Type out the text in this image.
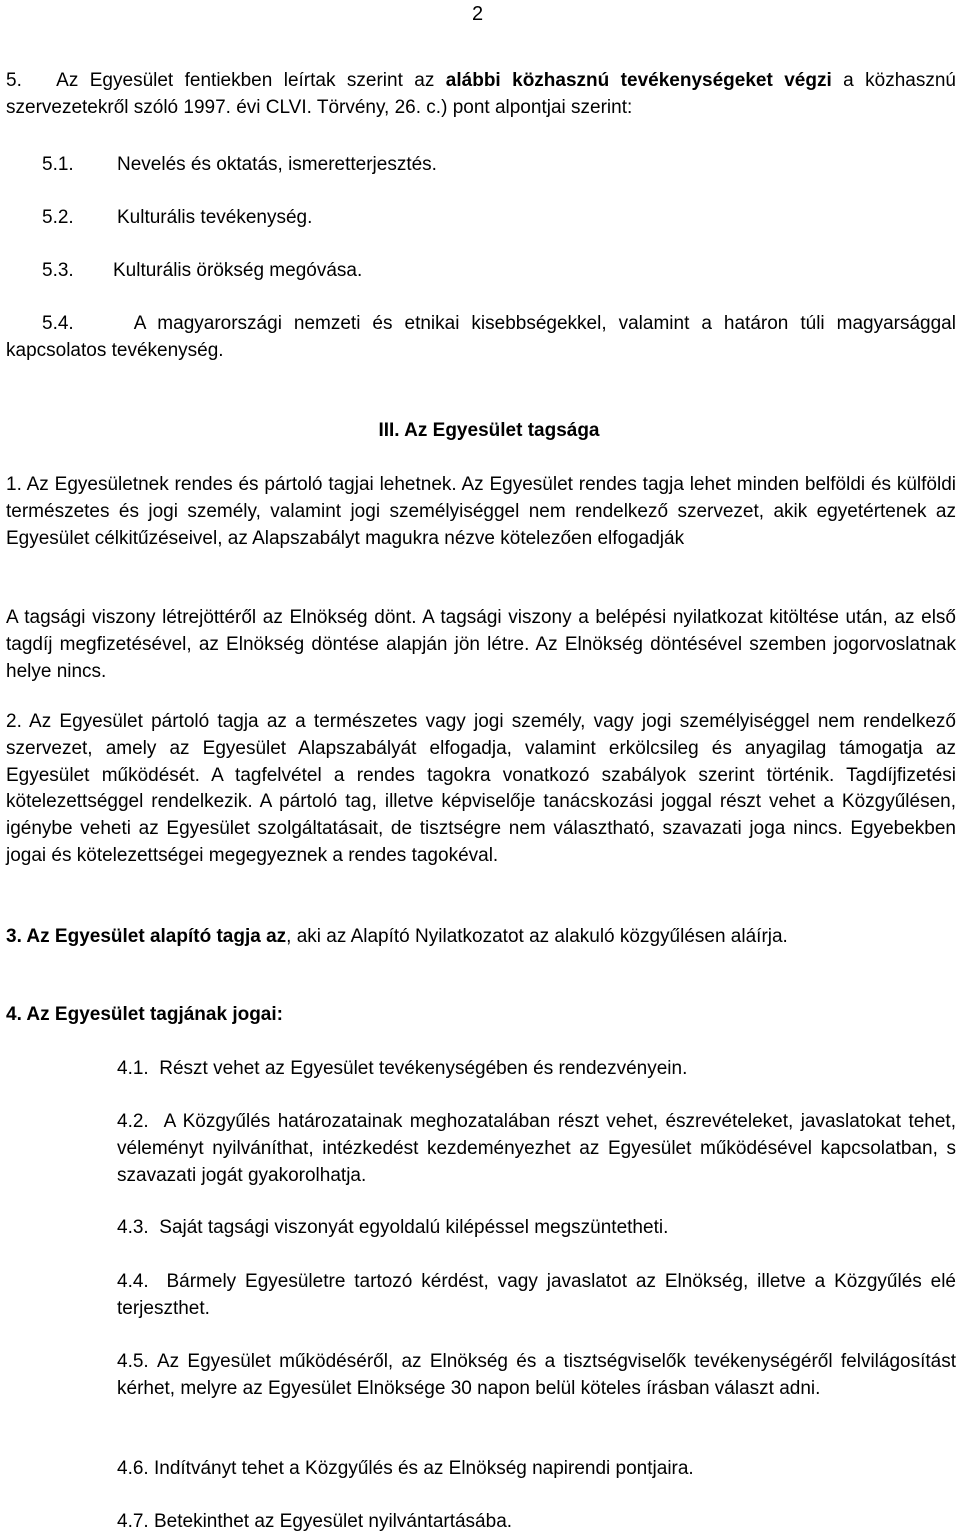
2

5. Az Egyesület fentiekben leírtak szerint az alábbi közhasznú tevékenységeket végzi a közhasznú szervezetekről szóló 1997. évi CLVI. Törvény, 26. c.) pont alpontjai szerint:

5.1. Nevelés és oktatás, ismeretterjesztés.

5.2. Kulturális tevékenység.

5.3. Kulturális örökség megóvása.

5.4.	A magyarországi nemzeti és etnikai kisebbségekkel, valamint a határon túli magyarsággal kapcsolatos tevékenység.

III. Az Egyesület tagsága

1. Az Egyesületnek rendes és pártoló tagjai lehetnek. Az Egyesület rendes tagja lehet minden belföldi és külföldi természetes és jogi személy, valamint jogi személyiséggel nem rendelkező szervezet, akik egyetértenek az Egyesület célkitűzéseivel, az Alapszabályt magukra nézve kötelezően elfogadják

A tagsági viszony létrejöttéről az Elnökség dönt. A tagsági viszony a belépési nyilatkozat kitöltése után, az első tagdíj megfizetésével, az Elnökség döntése alapján jön létre. Az Elnökség döntésével szemben jogorvoslatnak helye nincs.

2. Az Egyesület pártoló tagja az a természetes vagy jogi személy, vagy jogi személyiséggel nem rendelkező szervezet, amely az Egyesület Alapszabályát elfogadja, valamint erkölcsileg és anyagilag támogatja az Egyesület működését. A tagfelvétel a rendes tagokra vonatkozó szabályok szerint történik. Tagdíjfizetési kötelezettséggel rendelkezik. A pártoló tag, illetve képviselője tanácskozási joggal részt vehet a Közgyűlésen, igénybe veheti az Egyesület szolgáltatásait, de tisztségre nem választható, szavazati joga nincs. Egyebekben jogai és kötelezettségei megegyeznek a rendes tagokéval.

3. Az Egyesület alapító tagja az, aki az Alapító Nyilatkozatot az alakuló közgyűlésen aláírja.

4. Az Egyesület tagjának jogai:

4.1. Részt vehet az Egyesület tevékenységében és rendezvényein.

4.2. A Közgyűlés határozatainak meghozatalában részt vehet, észrevételeket, javaslatokat tehet, véleményt nyilváníthat, intézkedést kezdeményezhet az Egyesület működésével kapcsolatban, s szavazati jogát gyakorolhatja.

4.3. Saját tagsági viszonyát egyoldalú kilépéssel megszüntetheti.

4.4. Bármely Egyesületre tartozó kérdést, vagy javaslatot az Elnökség, illetve a Közgyűlés elé terjeszthet.

4.5. Az Egyesület működéséről, az Elnökség és a tisztségviselők tevékenységéről felvilágosítást kérhet, melyre az Egyesület Elnöksége 30 napon belül köteles írásban választ adni.

4.6. Indítványt tehet a Közgyűlés és az Elnökség napirendi pontjaira.

4.7. Betekinthet az Egyesület nyilvántartásába.
